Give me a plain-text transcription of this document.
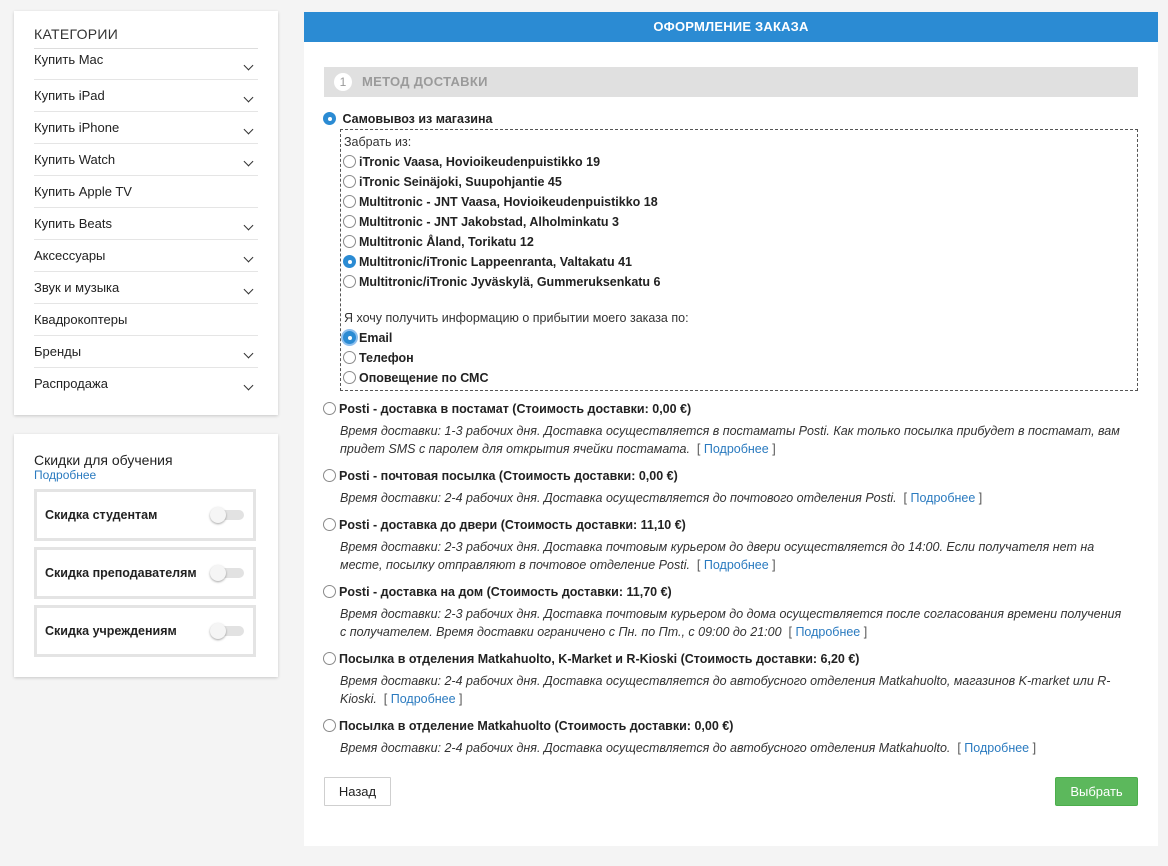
КАТЕГОРИИ
Купить Mac
Купить iPad
Купить iPhone
Купить Watch
Купить Apple TV
Купить Beats
Аксессуары
Звук и музыка
Квадрокоптеры
Бренды
Распродажа
Скидки для обучения
Подробнее
Скидка студентам
Скидка преподавателям
Скидка учреждениям
ОФОРМЛЕНИЕ ЗАКАЗА
1	МЕТОД ДОСТАВКИ
Самовывоз из магазина
Забрать из:
iTronic Vaasa, Hovioikeudenpuistikko 19
iTronic Seinäjoki, Suupohjantie 45
Multitronic - JNT Vaasa, Hovioikeudenpuistikko 18
Multitronic - JNT Jakobstad, Alholminkatu 3
Multitronic Åland, Torikatu 12
Multitronic/iTronic Lappeenranta, Valtakatu 41
Multitronic/iTronic Jyväskylä, Gummeruksenkatu 6
Я хочу получить информацию о прибытии моего заказа по:
Email
Телефон
Оповещение по СМС
Posti - доставка в постамат (Стоимость доставки: 0,00 €)
Время доставки: 1-3 рабочих дня. Доставка осуществляется в постаматы Posti. Как только посылка прибудет в постамат, вам придет SMS с паролем для открытия ячейки постамата.  [ Подробнее ]
Posti - почтовая посылка (Стоимость доставки: 0,00 €)
Время доставки: 2-4 рабочих дня. Доставка осуществляется до почтового отделения Posti.  [ Подробнее ]
Posti - доставка до двери (Стоимость доставки: 11,10 €)
Время доставки: 2-3 рабочих дня. Доставка почтовым курьером до двери осуществляется до 14:00. Если получателя нет на месте, посылку отправляют в почтовое отделение Posti.  [ Подробнее ]
Posti - доставка на дом (Стоимость доставки: 11,70 €)
Время доставки: 2-3 рабочих дня. Доставка почтовым курьером до дома осуществляется после согласования времени получения с получателем. Время доставки ограничено с Пн. по Пт., с 09:00 до 21:00  [ Подробнее ]
Посылка в отделения Matkahuolto, K-Market и R-Kioski (Стоимость доставки: 6,20 €)
Время доставки: 2-4 рабочих дня. Доставка осуществляется до автобусного отделения Matkahuolto, магазинов K-market или R-Kioski.  [ Подробнее ]
Посылка в отделение Matkahuolto (Стоимость доставки: 0,00 €)
Время доставки: 2-4 рабочих дня. Доставка осуществляется до автобусного отделения Matkahuolto.  [ Подробнее ]
Назад	Выбрать
